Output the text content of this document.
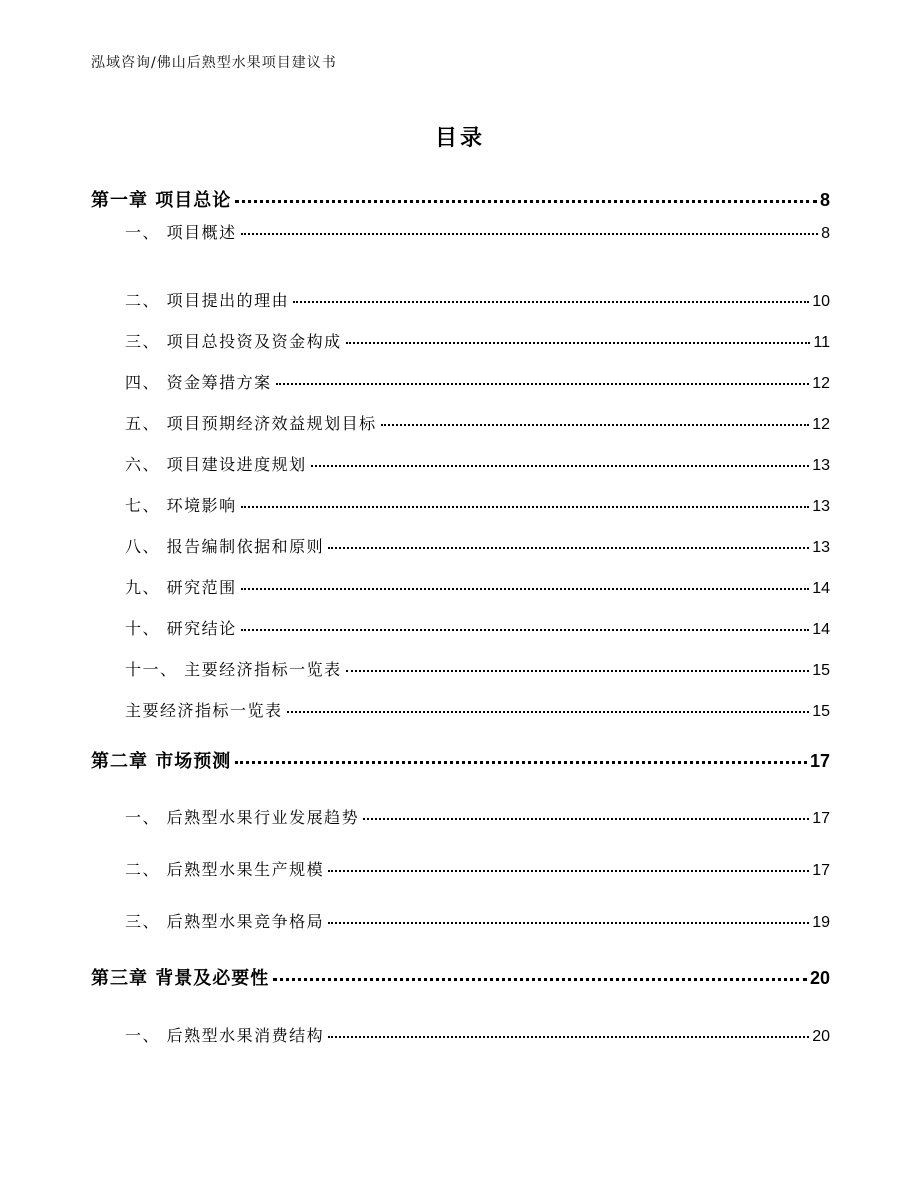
泓域咨询/佛山后熟型水果项目建议书
目录
第一章 项目总论	8
一、 项目概述	8
二、 项目提出的理由	10
三、 项目总投资及资金构成	11
四、 资金筹措方案	12
五、 项目预期经济效益规划目标	12
六、 项目建设进度规划	13
七、 环境影响	13
八、 报告编制依据和原则	13
九、 研究范围	14
十、 研究结论	14
十一、 主要经济指标一览表	15
主要经济指标一览表	15
第二章 市场预测	17
一、 后熟型水果行业发展趋势	17
二、 后熟型水果生产规模	17
三、 后熟型水果竞争格局	19
第三章 背景及必要性	20
一、 后熟型水果消费结构	20
